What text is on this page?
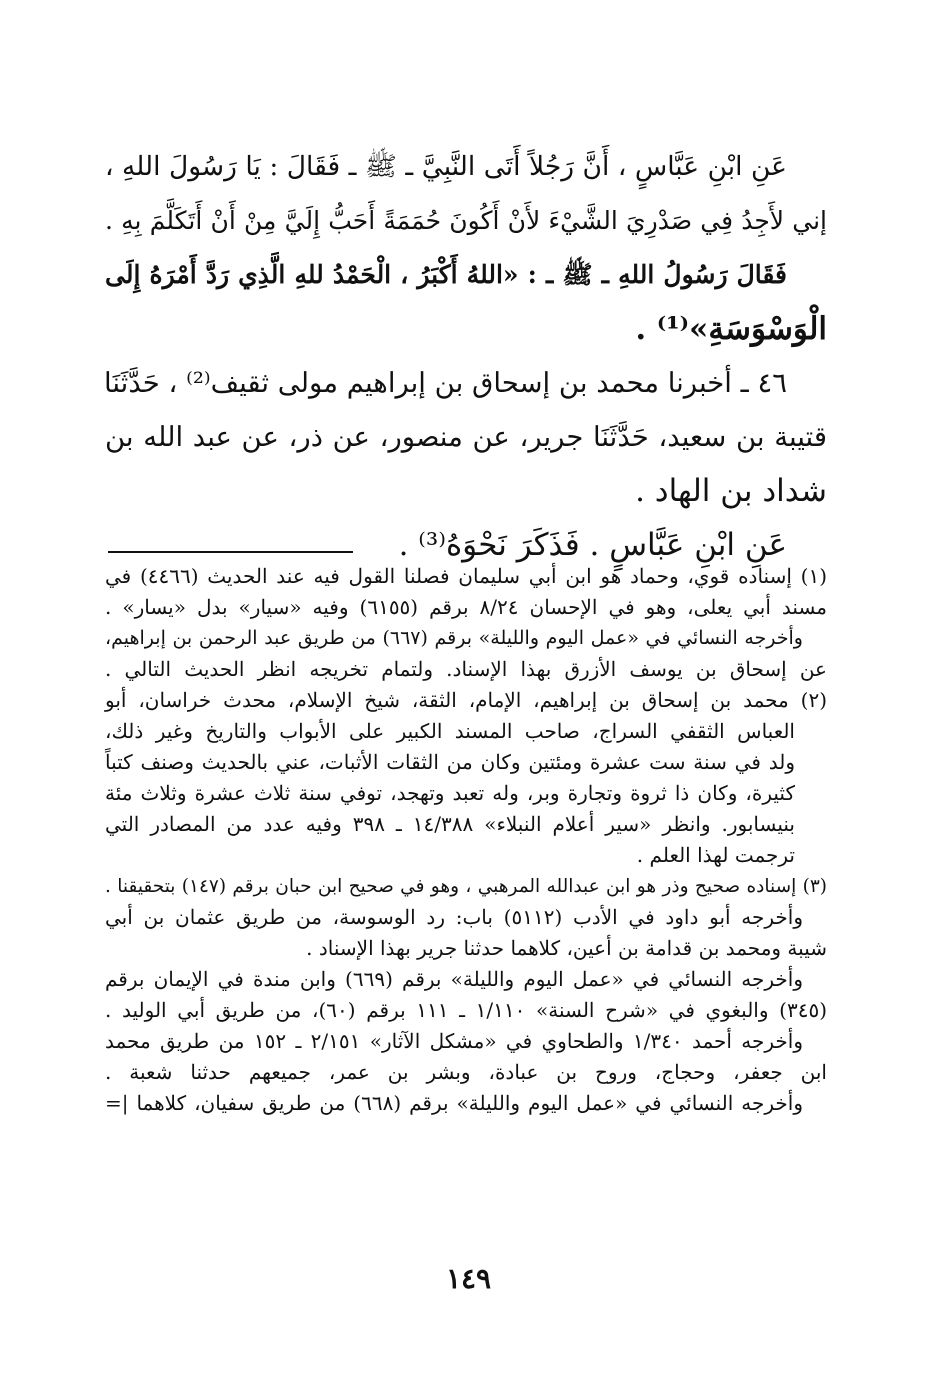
عَنِ ابْنِ عَبَّاسٍ ، أَنَّ رَجُلاً أَتَى النَّبِيَّ ـ ﷺ ـ فَقَالَ : يَا رَسُولَ اللهِ ،
إني لأَجِدُ فِي صَدْرِيَ الشَّيْءَ لأَنْ أَكُونَ حُمَمَةً أَحَبُّ إِلَيَّ مِنْ أَنْ أَتَكَلَّمَ بِهِ .
فَقَالَ رَسُولُ اللهِ ـ ﷺ ـ : «اللهُ أَكْبَرُ ، الْحَمْدُ للهِ الَّذِي رَدَّ أَمْرَهُ إِلَى
الْوَسْوَسَةِ»⁽¹⁾ .
٤٦ ـ أخبرنا محمد بن إسحاق بن إبراهيم مولى ثقيف⁽²⁾ ، حَدَّثَنَا
قتيبة بن سعيد، حَدَّثَنَا جرير، عن منصور، عن ذر، عن عبد الله بن
شداد بن الهاد .
عَنِ ابْنِ عَبَّاسٍ . فَذَكَرَ نَحْوَهُ⁽³⁾ .
(١) إسناده قوي، وحماد هو ابن أبي سليمان فصلنا القول فيه عند الحديث (٤٤٦٦) في
مسند أبي يعلى، وهو في الإحسان ٨/٢٤ برقم (٦١٥٥) وفيه «سيار» بدل «يسار» .
وأخرجه النسائي في «عمل اليوم والليلة» برقم (٦٦٧) من طريق عبد الرحمن بن إبراهيم،
عن إسحاق بن يوسف الأزرق بهذا الإسناد. ولتمام تخريجه انظر الحديث التالي .
(٢) محمد بن إسحاق بن إبراهيم، الإمام، الثقة، شيخ الإسلام، محدث خراسان، أبو
العباس الثقفي السراج، صاحب المسند الكبير على الأبواب والتاريخ وغير ذلك،
ولد في سنة ست عشرة ومئتين وكان من الثقات الأثبات، عني بالحديث وصنف كتباً
كثيرة، وكان ذا ثروة وتجارة وبر، وله تعبد وتهجد، توفي سنة ثلاث عشرة وثلاث مئة
بنيسابور. وانظر «سير أعلام النبلاء» ١٤/٣٨٨ ـ ٣٩٨ وفيه عدد من المصادر التي
ترجمت لهذا العلم .
(٣) إسناده صحيح وذر هو ابن عبدالله المرهبي ، وهو في صحيح ابن حبان برقم (١٤٧) بتحقيقنا .
وأخرجه أبو داود في الأدب (٥١١٢) باب: رد الوسوسة، من طريق عثمان بن أبي
شيبة ومحمد بن قدامة بن أعين، كلاهما حدثنا جرير بهذا الإسناد .
وأخرجه النسائي في «عمل اليوم والليلة» برقم (٦٦٩) وابن مندة في الإيمان برقم
(٣٤٥) والبغوي في «شرح السنة» ١/١١٠ ـ ١١١ برقم (٦٠)، من طريق أبي الوليد .
وأخرجه أحمد ١/٣٤٠ والطحاوي في «مشكل الآثار» ٢/١٥١ ـ ١٥٢ من طريق محمد
ابن جعفر، وحجاج، وروح بن عبادة، وبشر بن عمر، جميعهم حدثنا شعبة .
وأخرجه النسائي في «عمل اليوم والليلة» برقم (٦٦٨) من طريق سفيان، كلاهما |=
١٤٩
